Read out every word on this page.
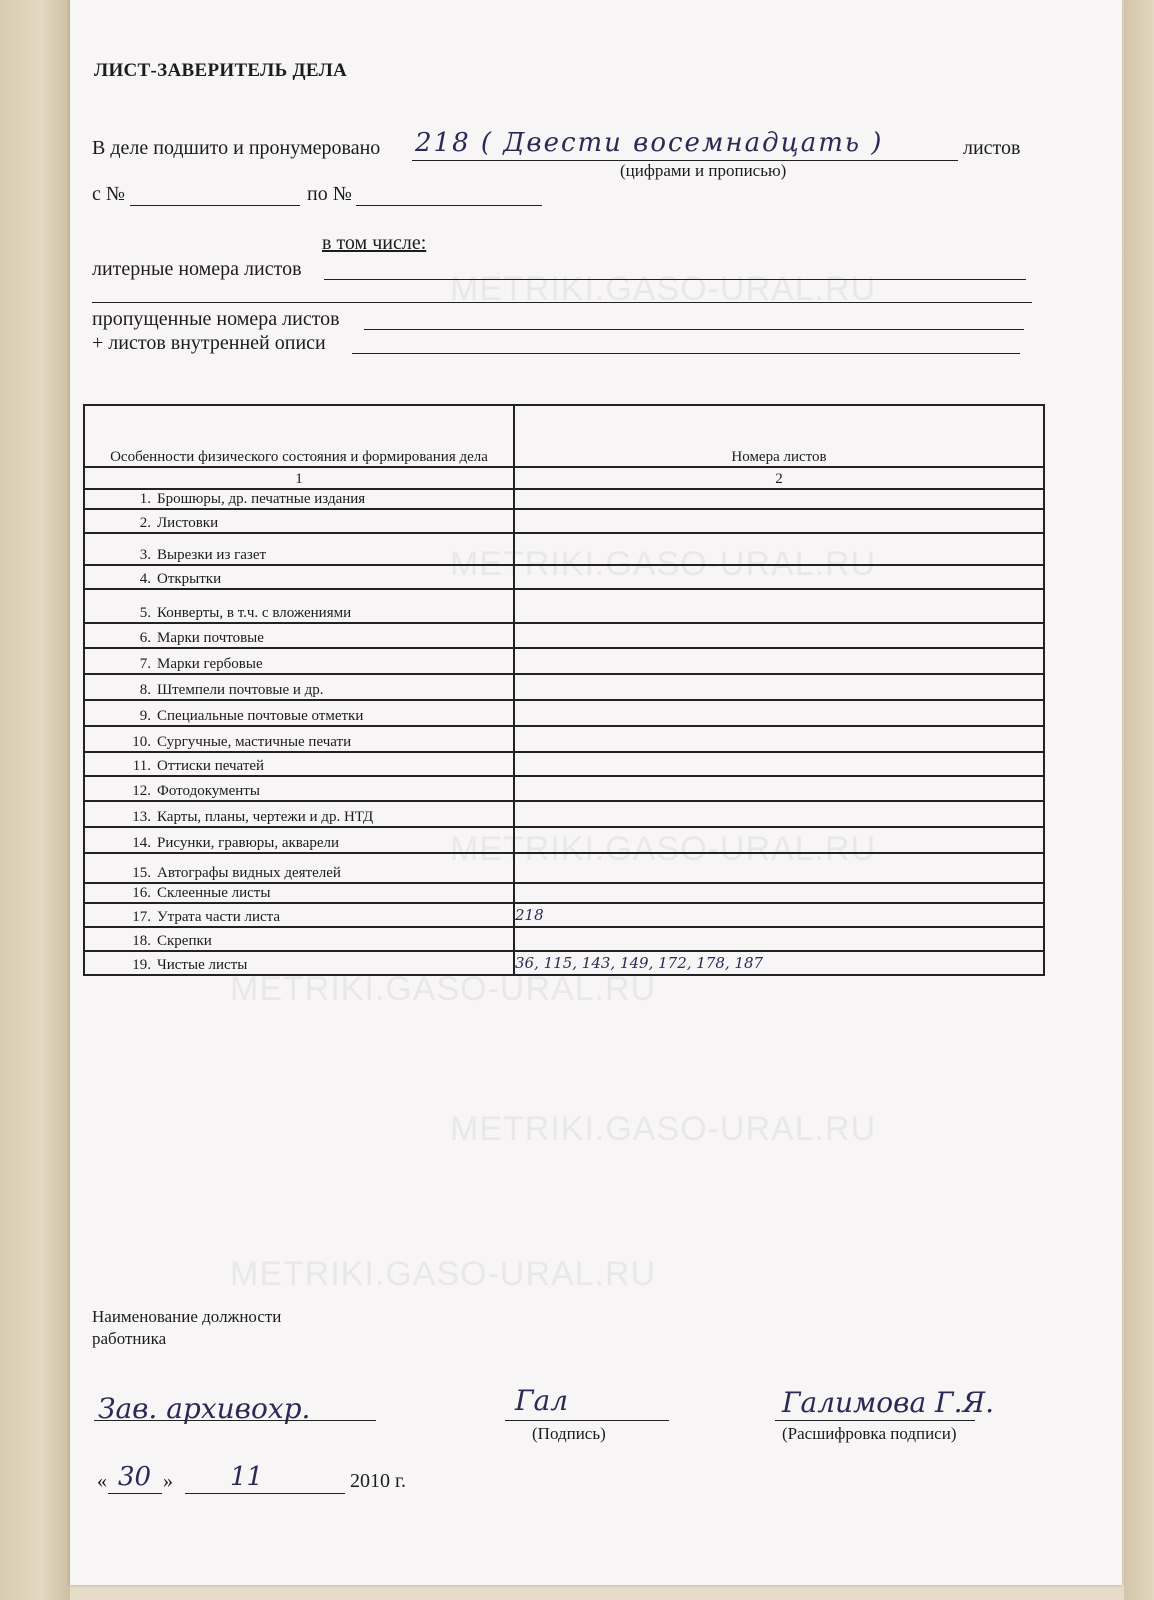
METRIKI.GASO-URAL.RU
METRIKI.GASO-URAL.RU
METRIKI.GASO-URAL.RU
METRIKI.GASO-URAL.RU
METRIKI.GASO-URAL.RU
METRIKI.GASO-URAL.RU
ЛИСТ-ЗАВЕРИТЕЛЬ ДЕЛА
В деле подшито и пронумеровано 218 ( Двести восемнадцать )	листов
(цифрами и прописью)
с №	по №
в том числе:
литерные номера листов
пропущенные номера листов
+ листов внутренней описи
Особенности физического состояния и формирования дела	Номера листов
1	2
1. Брошюры, др. печатные издания	
2. Листовки	
3. Вырезки из газет	
4. Открытки	
5. Конверты, в т.ч. с вложениями	
6. Марки почтовые	
7. Марки гербовые	
8. Штемпели почтовые и др.	
9. Специальные почтовые отметки	
10. Сургучные, мастичные печати	
11. Оттиски печатей	
12. Фотодокументы	
13. Карты, планы, чертежи и др. НТД	
14. Рисунки, гравюры, акварели	
15. Автографы видных деятелей	
16. Склеенные листы	
17. Утрата части листа	218
18. Скрепки	
19. Чистые листы	36, 115, 143, 149, 172, 178, 187
Наименование должности
работника
Зав. архивохр.	Гал
(Подпись)
Галимова Г.Я.
(Расшифровка подписи)
« 30 » 11	2010 г.
